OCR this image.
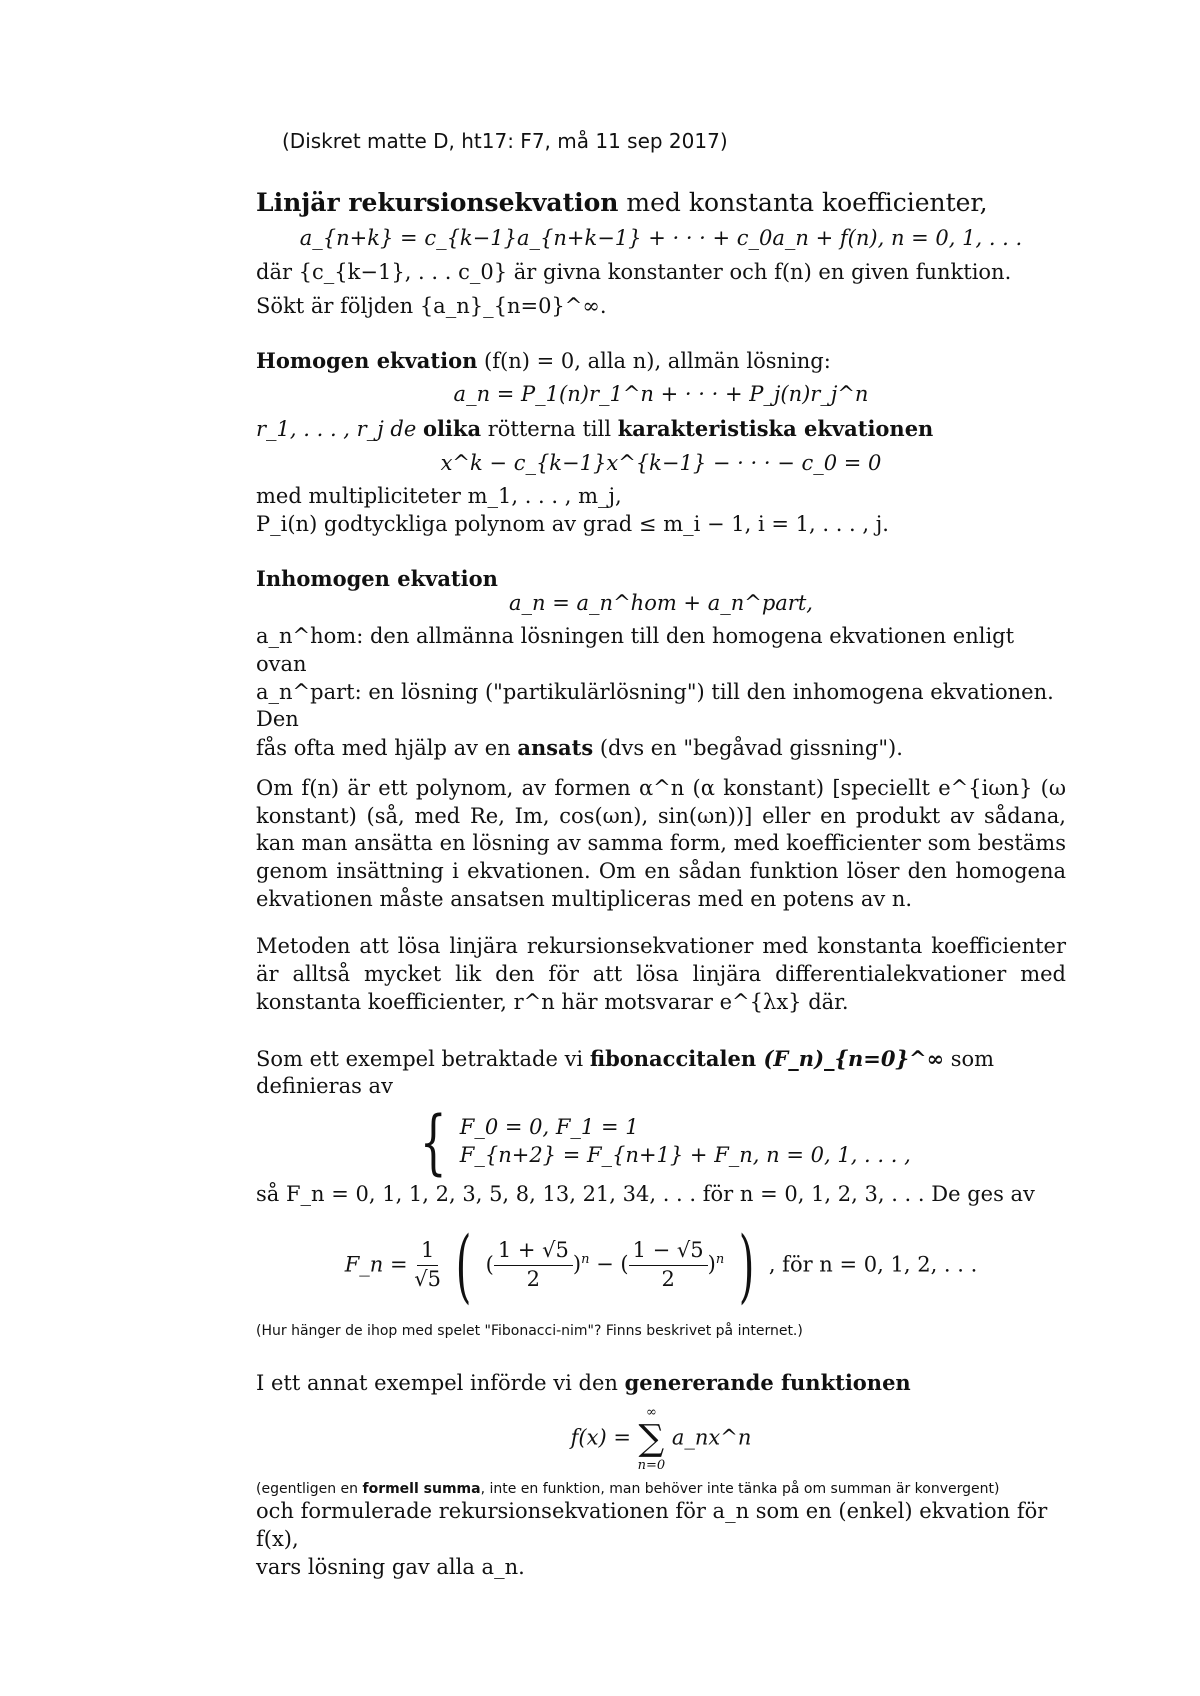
(Diskret matte D, ht17: F7, må 11 sep 2017)

Linjär rekursionsekvation med konstanta koefficienter,

a_{n+k} = c_{k−1}a_{n+k−1} + · · · + c_0a_n + f(n), n = 0, 1, . . .

där {c_{k−1}, . . . c_0} är givna konstanter och f(n) en given funktion.

Sökt är följden {a_n}_{n=0}^∞.

Homogen ekvation (f(n) = 0, alla n), allmän lösning:

a_n = P_1(n)r_1^n + · · · + P_j(n)r_j^n

r_1, . . . , r_j de olika rötterna till karakteristiska ekvationen

x^k − c_{k−1}x^{k−1} − · · · − c_0 = 0

med multipliciteter m_1, . . . , m_j,

P_i(n) godtyckliga polynom av grad ≤ m_i − 1, i = 1, . . . , j.

Inhomogen ekvation

a_n = a_n^hom + a_n^part,

a_n^hom: den allmänna lösningen till den homogena ekvationen enligt ovan

a_n^part: en lösning ("partikulärlösning") till den inhomogena ekvationen. Den

fås ofta med hjälp av en ansats (dvs en "begåvad gissning").

Om f(n) är ett polynom, av formen α^n (α konstant) [speciellt e^{iωn} (ω konstant) (så, med Re, Im, cos(ωn), sin(ωn))] eller en produkt av sådana, kan man ansätta en lösning av samma form, med koefficienter som bestäms genom insättning i ekvationen. Om en sådan funktion löser den homogena ekvationen måste ansatsen multipliceras med en potens av n.

Metoden att lösa linjära rekursionsekvationer med konstanta koefficienter är alltså mycket lik den för att lösa linjära differentialekvationer med konstanta koefficienter, r^n här motsvarar e^{λx} där.

Som ett exempel betraktade vi fibonaccitalen (F_n)_{n=0}^∞ som definieras av

{ F_0 = 0, F_1 = 1
F_{n+2} = F_{n+1} + F_n, n = 0, 1, . . . ,

så F_n = 0, 1, 1, 2, 3, 5, 8, 13, 21, 34, . . . för n = 0, 1, 2, 3, . . . De ges av

F_n = $\frac{1}{√5}$ ( ( $\frac{1 + √5}{2} )^n$ − ( $\frac{1 - √5}{2} )^n$ ) , för n = 0, 1, 2, . . .

(Hur hänger de ihop med spelet "Fibonacci-nim"? Finns beskrivet på internet.)

I ett annat exempel införde vi den genererande funktionen

f(x) =
∞
∑
n=0
a_nx^n

(egentligen en formell summa, inte en funktion, man behöver inte tänka på om summan är konvergent)

och formulerade rekursionsekvationen för a_n som en (enkel) ekvation för f(x),

vars lösning gav alla a_n.
